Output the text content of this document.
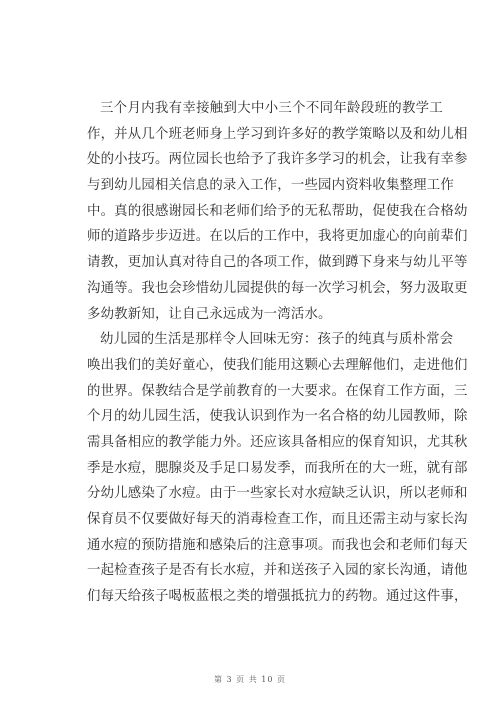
三个月内我有幸接触到大中小三个不同年龄段班的教学工
作，并从几个班老师身上学习到许多好的教学策略以及和幼儿相
处的小技巧。两位园长也给予了我许多学习的机会，让我有幸参
与到幼儿园相关信息的录入工作，一些园内资料收集整理工作
中。真的很感谢园长和老师们给予的无私帮助，促使我在合格幼
师的道路步步迈进。在以后的工作中，我将更加虚心的向前辈们
请教，更加认真对待自己的各项工作，做到蹲下身来与幼儿平等
沟通等。我也会珍惜幼儿园提供的每一次学习机会，努力汲取更
多幼教新知，让自己永远成为一湾活水。
幼儿园的生活是那样令人回味无穷：孩子的纯真与质朴常会
唤出我们的美好童心，使我们能用这颗心去理解他们，走进他们
的世界。保教结合是学前教育的一大要求。在保育工作方面，三
个月的幼儿园生活，使我认识到作为一名合格的幼儿园教师，除
需具备相应的教学能力外。还应该具备相应的保育知识，尤其秋
季是水痘，腮腺炎及手足口易发季，而我所在的大一班，就有部
分幼儿感染了水痘。由于一些家长对水痘缺乏认识，所以老师和
保育员不仅要做好每天的消毒检查工作，而且还需主动与家长沟
通水痘的预防措施和感染后的注意事项。而我也会和老师们每天
一起检查孩子是否有长水痘，并和送孩子入园的家长沟通，请他
们每天给孩子喝板蓝根之类的增强抵抗力的药物。通过这件事，
第 3 页 共 10 页
